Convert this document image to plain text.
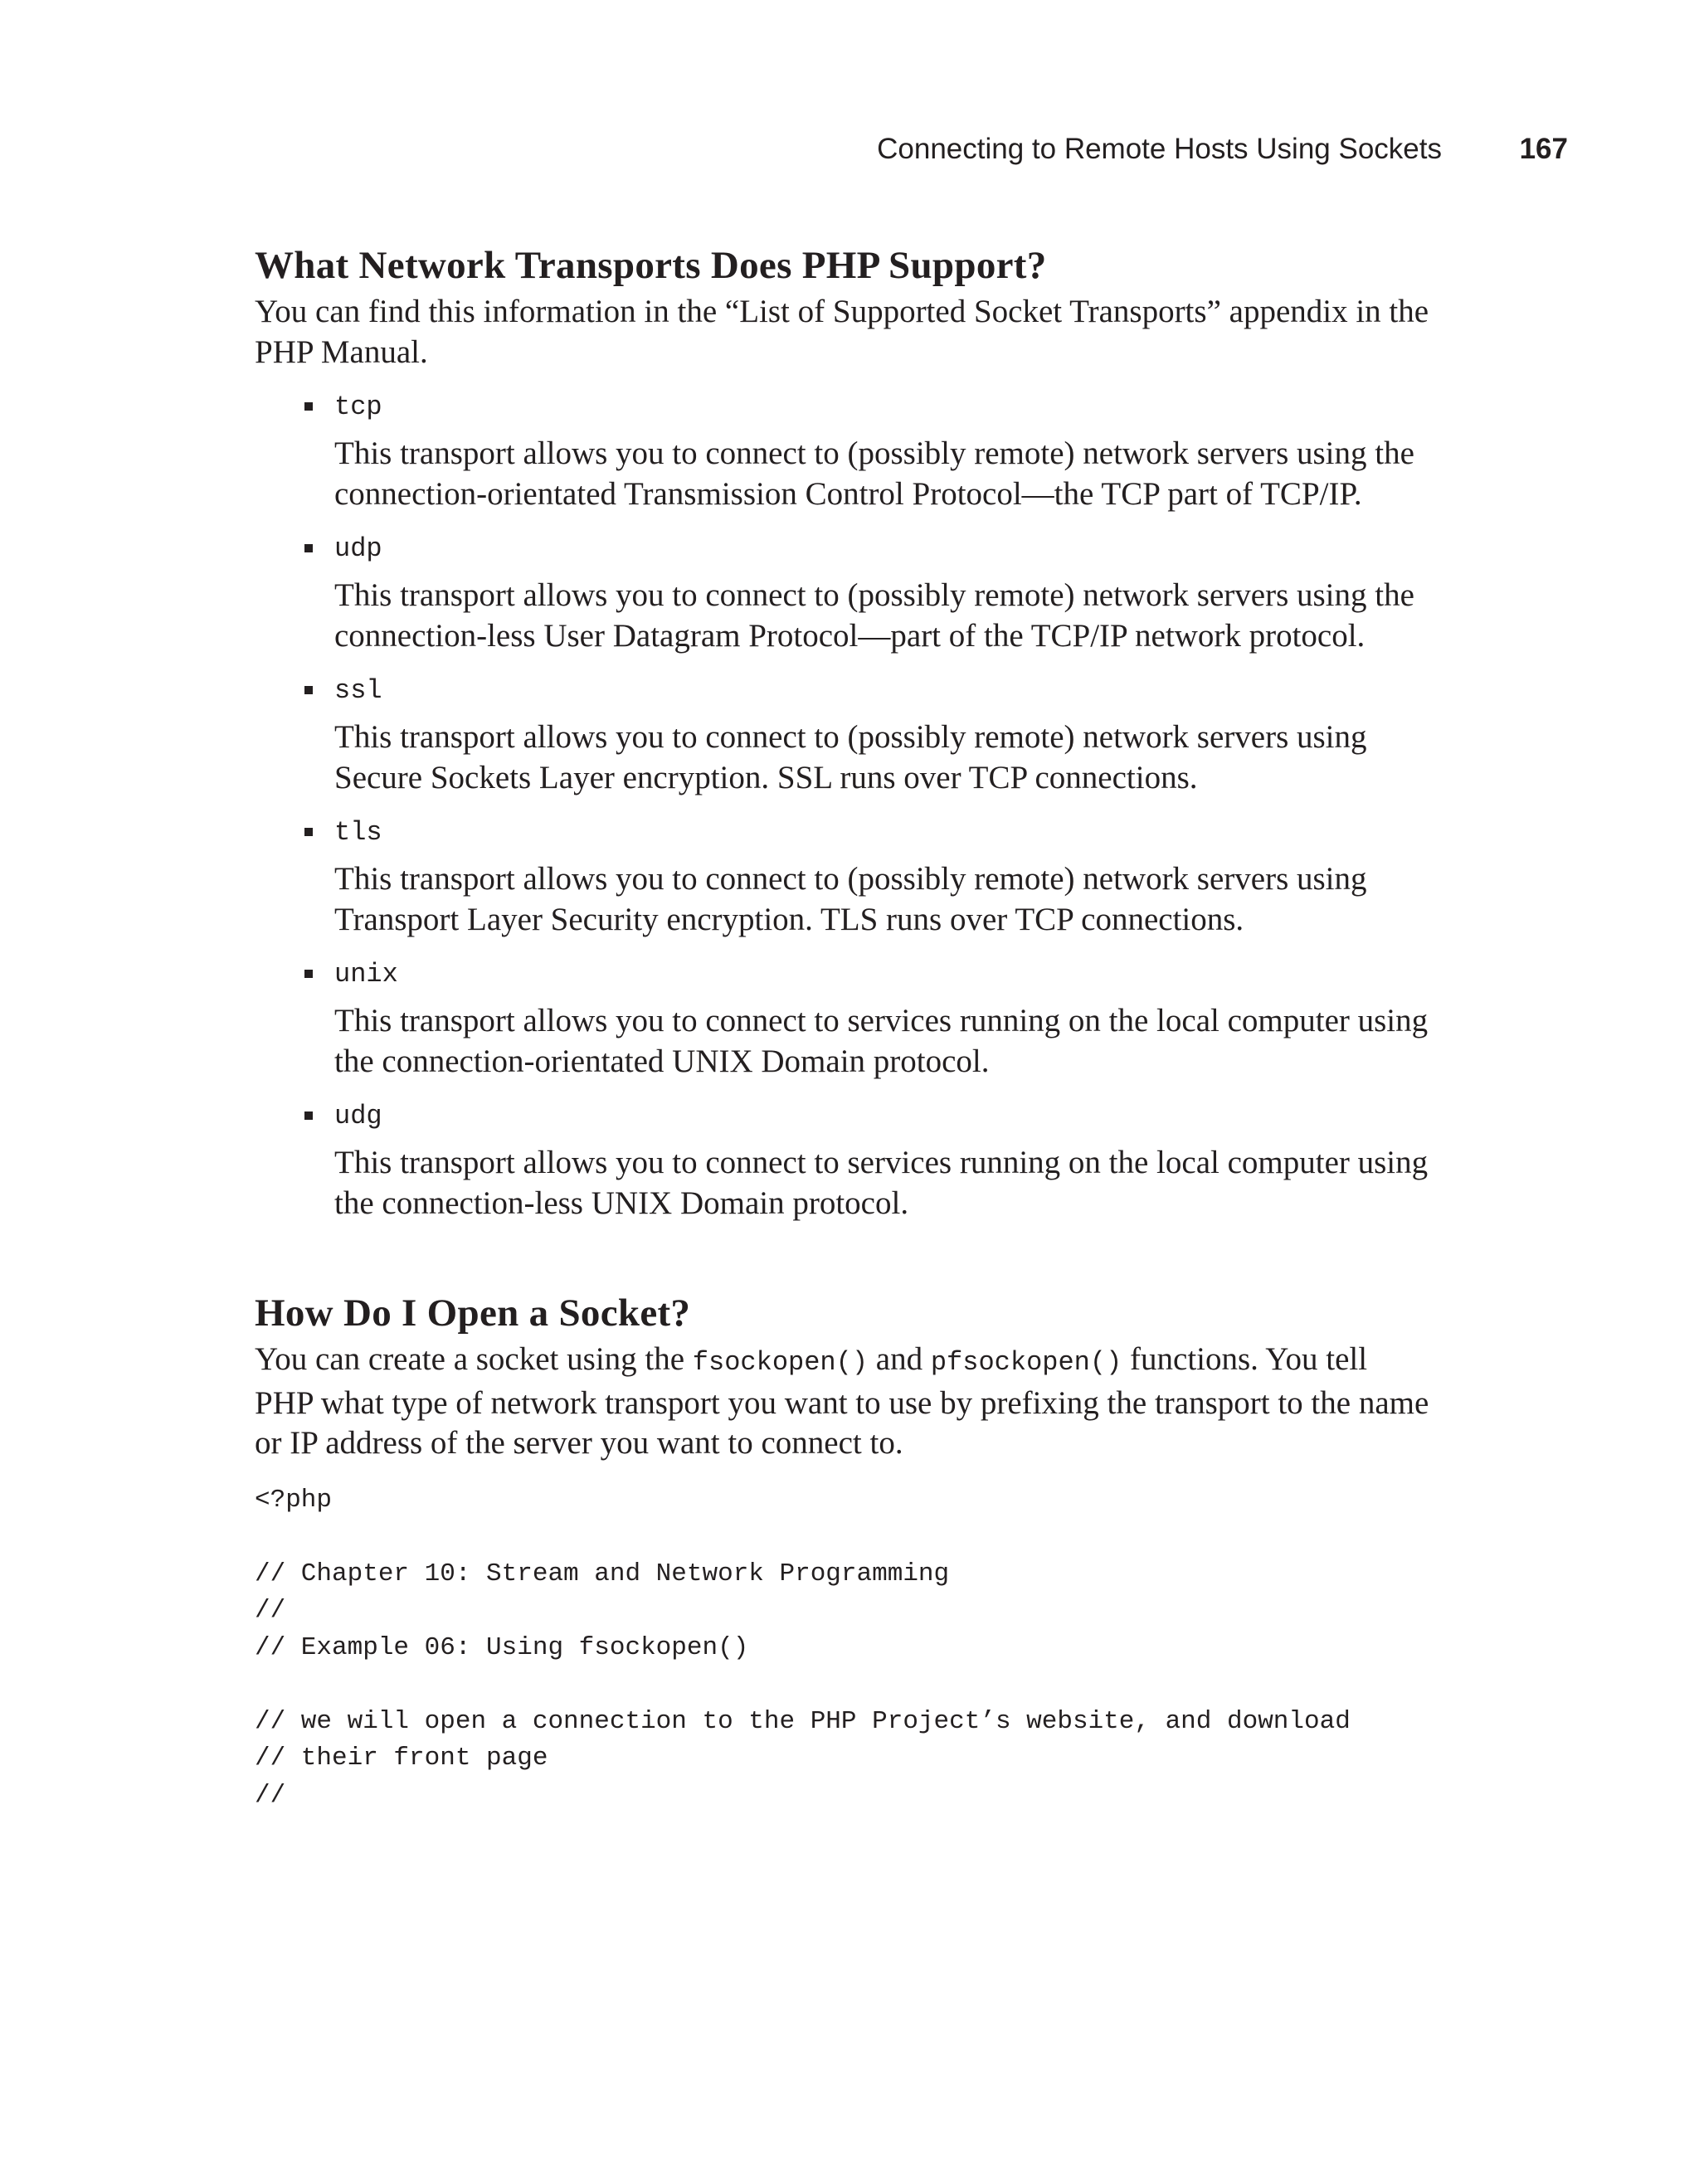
Connecting to Remote Hosts Using Sockets	167
What Network Transports Does PHP Support?

You can find this information in the “List of Supported Socket Transports” appendix in the PHP Manual.

tcp
This transport allows you to connect to (possibly remote) network servers using the connection-orientated Transmission Control Protocol—the TCP part of TCP/IP.
udp
This transport allows you to connect to (possibly remote) network servers using the connection-less User Datagram Protocol—part of the TCP/IP network protocol.
ssl
This transport allows you to connect to (possibly remote) network servers using Secure Sockets Layer encryption. SSL runs over TCP connections.
tls
This transport allows you to connect to (possibly remote) network servers using Transport Layer Security encryption. TLS runs over TCP connections.
unix
This transport allows you to connect to services running on the local computer using the connection-orientated UNIX Domain protocol.
udg
This transport allows you to connect to services running on the local computer using the connection-less UNIX Domain protocol.
How Do I Open a Socket?

You can create a socket using the fsockopen() and pfsockopen() functions. You tell PHP what type of network transport you want to use by prefixing the transport to the name or IP address of the server you want to connect to.

<?php

// Chapter 10: Stream and Network Programming
//
// Example 06: Using fsockopen()

// we will open a connection to the PHP Project’s website, and download
// their front page
//
